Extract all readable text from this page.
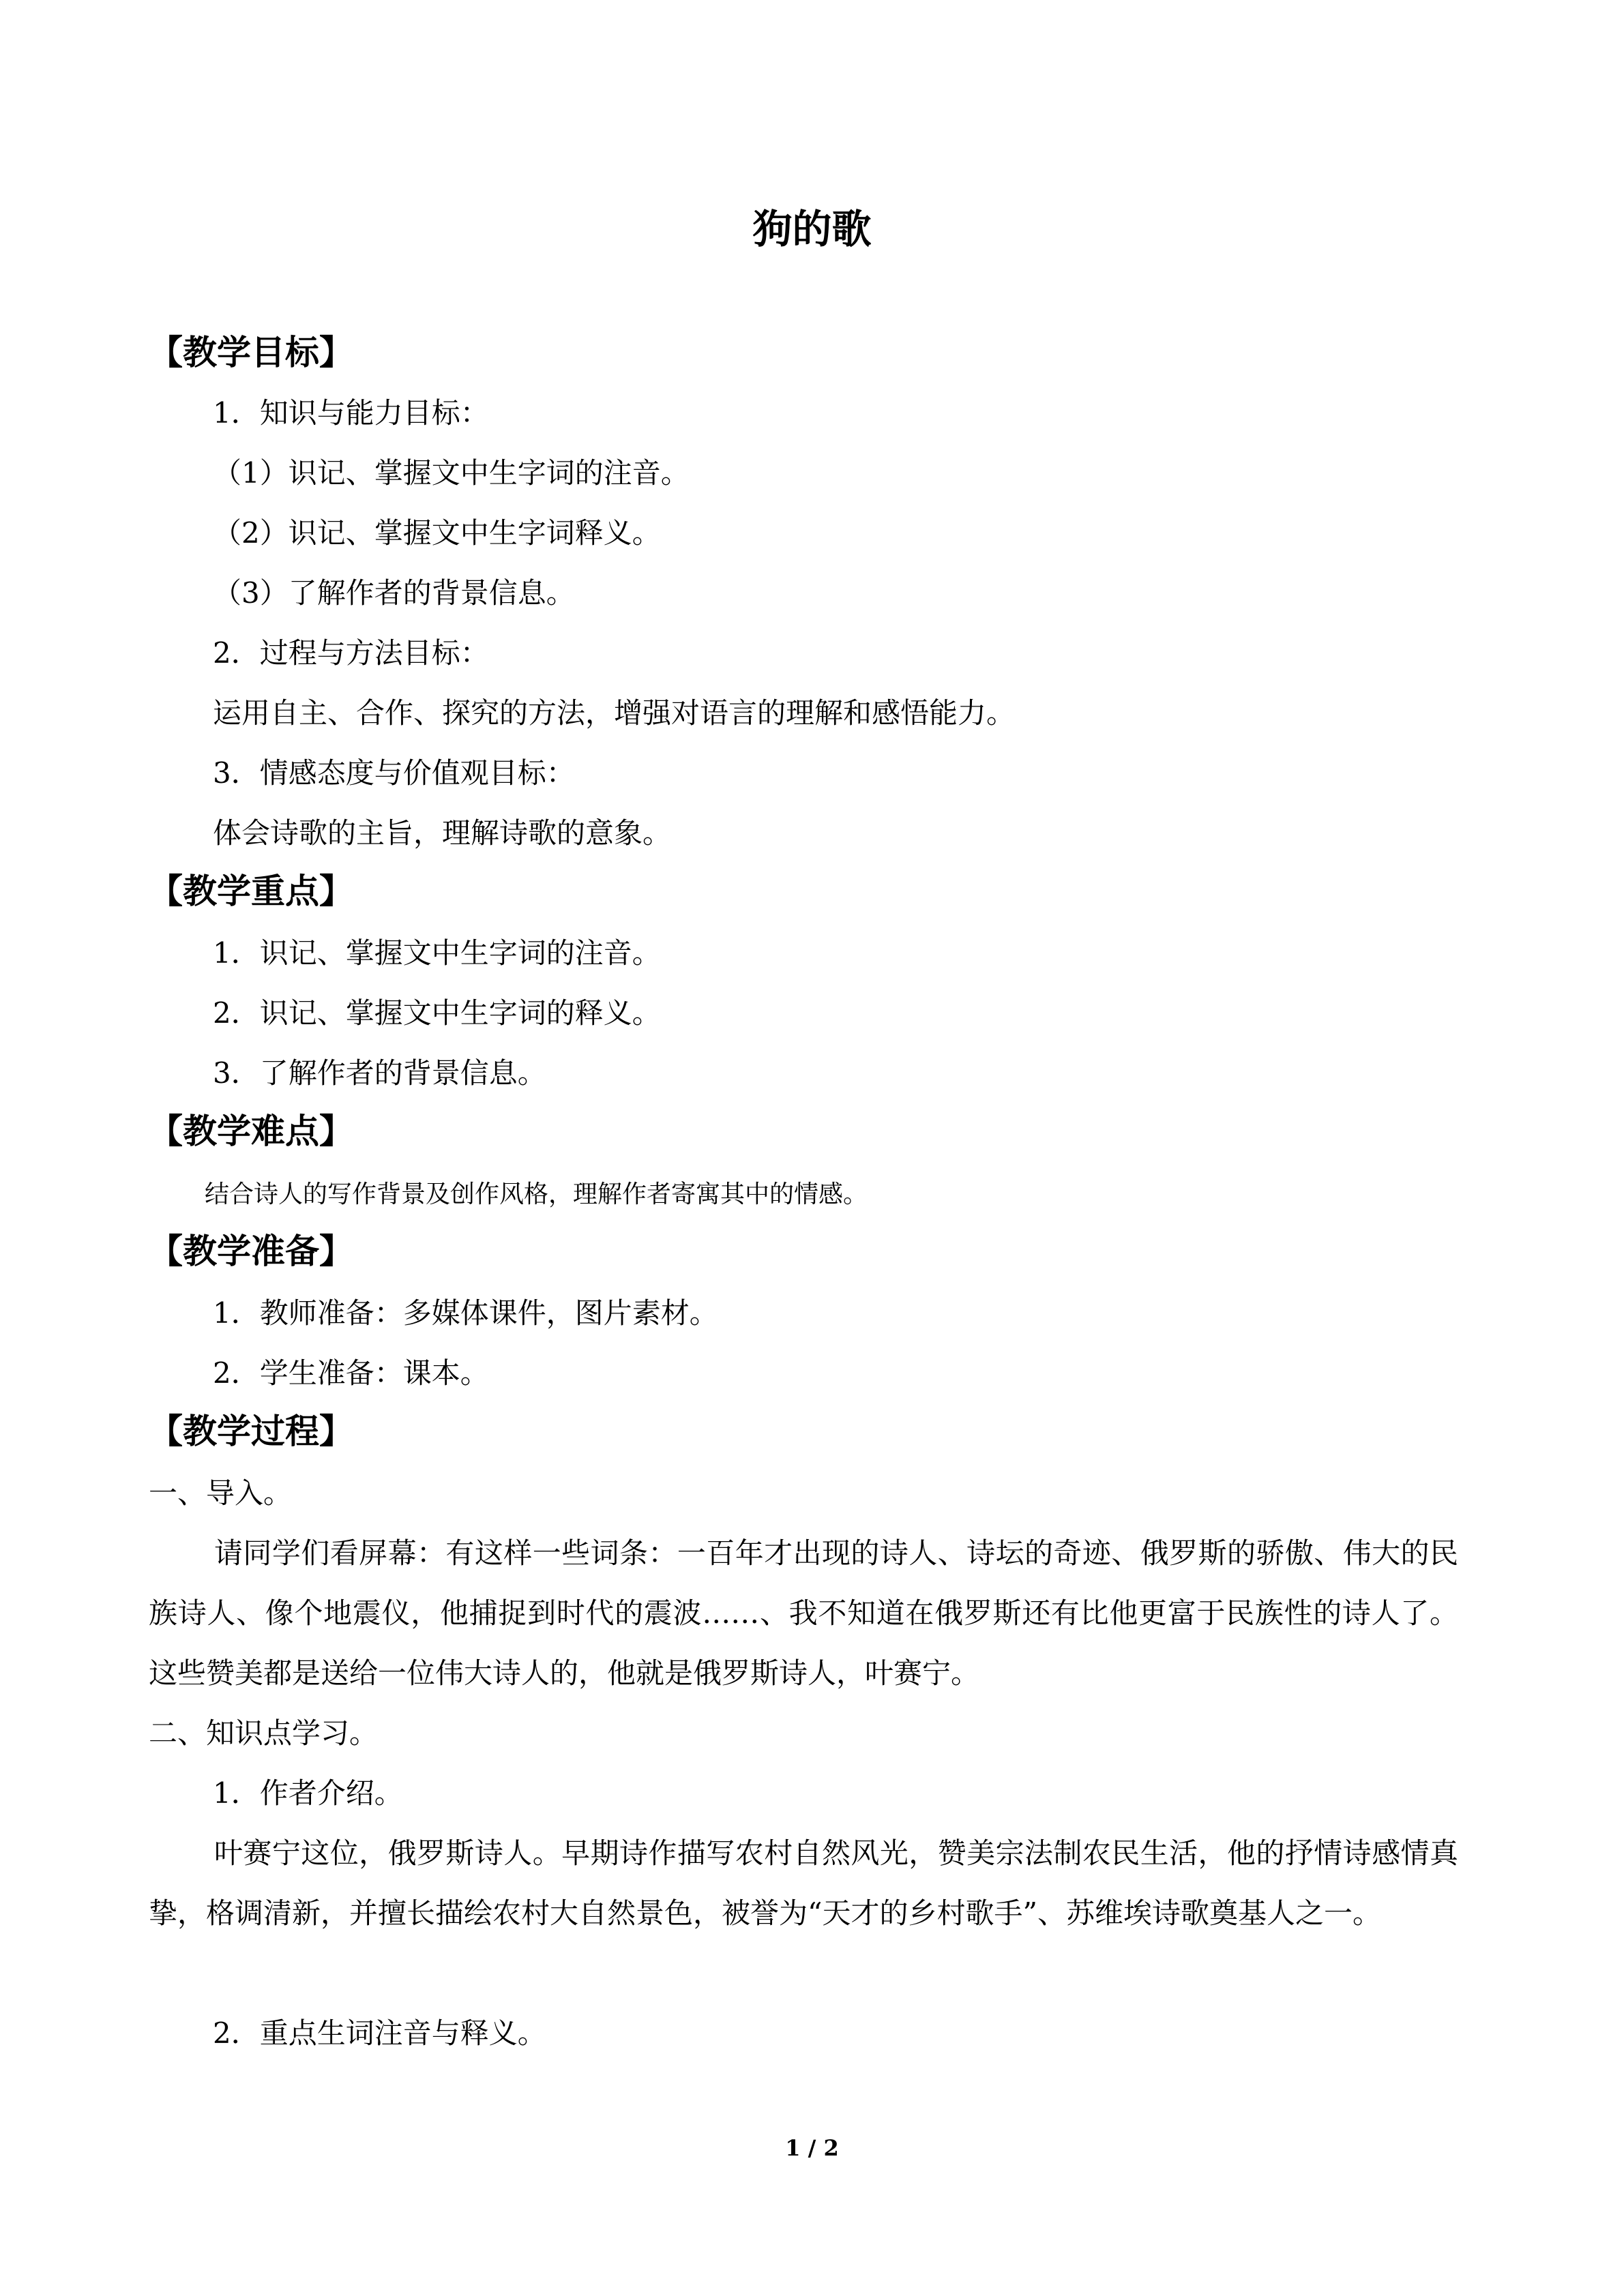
狗的歌
【教学目标】
1．知识与能力目标：
（1）识记、掌握文中生字词的注音。
（2）识记、掌握文中生字词释义。
（3）了解作者的背景信息。
2．过程与方法目标：
运用自主、合作、探究的方法，增强对语言的理解和感悟能力。
3．情感态度与价值观目标：
体会诗歌的主旨，理解诗歌的意象。
【教学重点】
1．识记、掌握文中生字词的注音。
2．识记、掌握文中生字词的释义。
3．了解作者的背景信息。
【教学难点】
结合诗人的写作背景及创作风格，理解作者寄寓其中的情感。
【教学准备】
1．教师准备：多媒体课件，图片素材。
2．学生准备：课本。
【教学过程】
一、导入。
请同学们看屏幕：有这样一些词条：一百年才出现的诗人、诗坛的奇迹、俄罗斯的骄傲、伟大的民族诗人、像个地震仪，他捕捉到时代的震波……、我不知道在俄罗斯还有比他更富于民族性的诗人了。这些赞美都是送给一位伟大诗人的，他就是俄罗斯诗人，叶赛宁。
二、知识点学习。
1．作者介绍。
叶赛宁这位，俄罗斯诗人。早期诗作描写农村自然风光，赞美宗法制农民生活，他的抒情诗感情真挚，格调清新，并擅长描绘农村大自然景色，被誉为“天才的乡村歌手”、苏维埃诗歌奠基人之一。
2．重点生词注音与释义。
1 / 2
